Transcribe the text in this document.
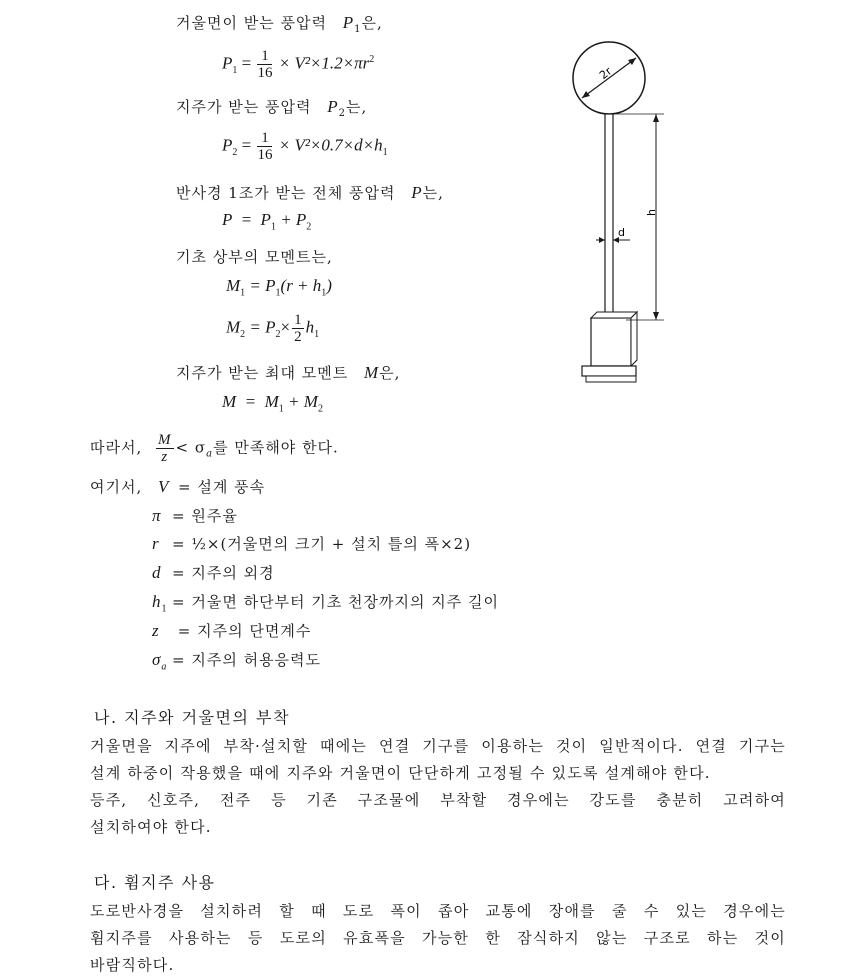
거울면이 받는 풍압력 $P_1$은,
$P_1 = \frac{1}{16} \times V^2\times 1.2\times\pi r^2$
지주가 받는 풍압력 $P_2$는,
$P_2 = \frac{1}{16} \times V^2\times 0.7\times d\times h_1$
반사경 1조가 받는 전체 풍압력 P는,
$P = P_1 + P_2$
기초 상부의 모멘트는,
$M_1 = P_1(r + h_1)$
$M_2 = P_2\times \frac{1}{2} h_1$
지주가 받는 최대 모멘트 M은,
$M = M_1 + M_2$
2r
h
d
따라서, $\frac{M}{z} < \sigma_a$를 만족해야 한다.
여기서, V = 설계 풍속
π = 원주율
r = ½×(거울면의 크기 + 설치 틀의 폭×2)
d = 지주의 외경
$h_1$ = 거울면 하단부터 기초 천장까지의 지주 길이
z = 지주의 단면계수
$\sigma_a$ = 지주의 허용응력도
나. 지주와 거울면의 부착
거울면을 지주에 부착·설치할 때에는 연결 기구를 이용하는 것이 일반적이다. 연결 기구는
설계 하중이 작용했을 때에 지주와 거울면이 단단하게 고정될 수 있도록 설계해야 한다.
등주, 신호주, 전주 등 기존 구조물에 부착할 경우에는 강도를 충분히 고려하여
설치하여야 한다.
다. 휨지주 사용
도로반사경을 설치하려 할 때 도로 폭이 좁아 교통에 장애를 줄 수 있는 경우에는
휨지주를 사용하는 등 도로의 유효폭을 가능한 한 잠식하지 않는 구조로 하는 것이
바람직하다.
